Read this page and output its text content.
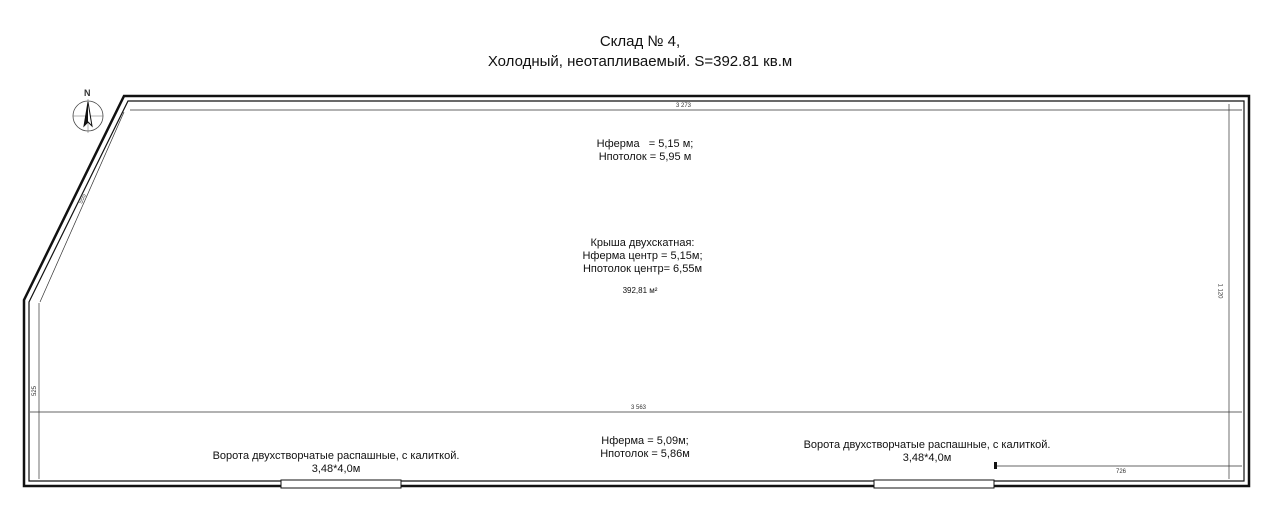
Склад № 4,
Холодный, неотапливаемый. S=392.81 кв.м
N
3 273
555
1 120
525
3 563
726
Нферма   = 5,15 м;
Нпотолок = 5,95 м
Крыша двухскатная:
Нферма центр = 5,15м;
Нпотолок центр= 6,55м
392,81 м²
Нферма = 5,09м;
Нпотолок = 5,86м
Ворота двухстворчатые распашные, с калиткой.
3,48*4,0м
Ворота двухстворчатые распашные, с калиткой.
3,48*4,0м
